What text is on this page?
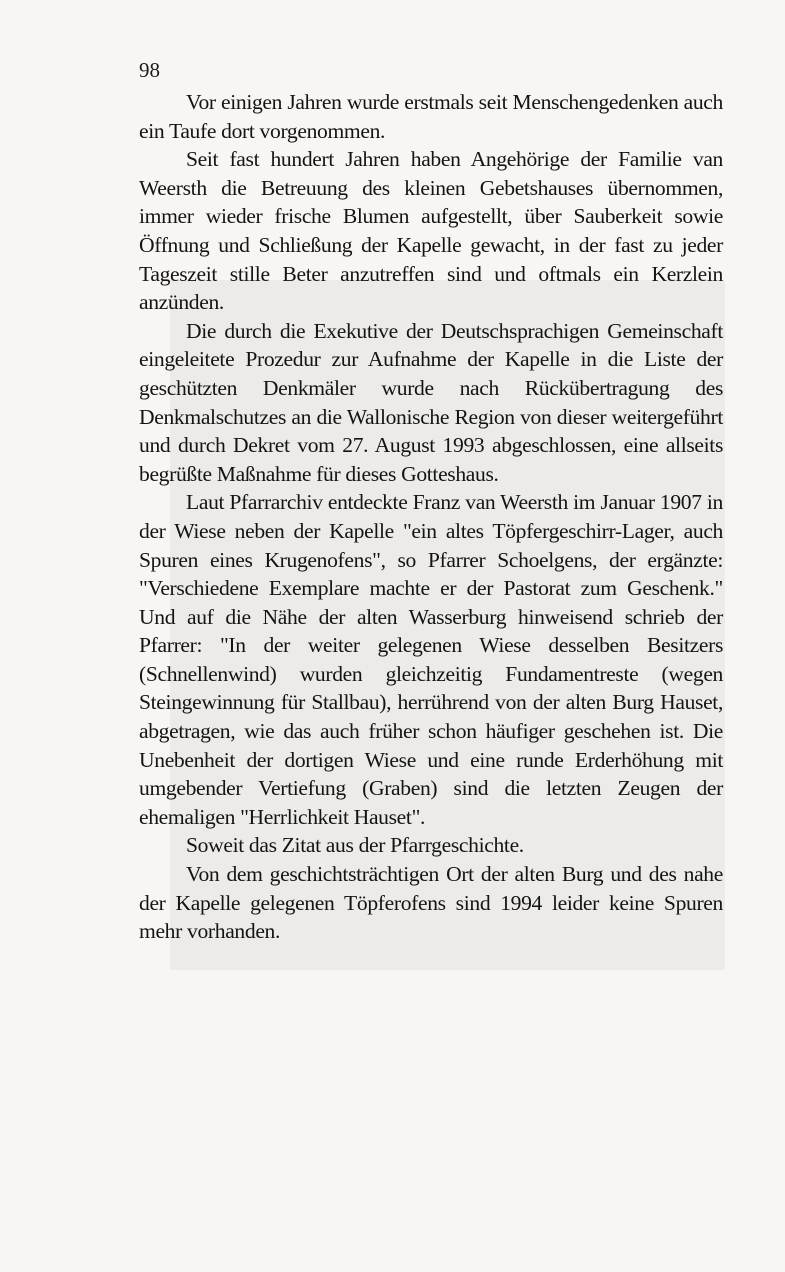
98

Vor einigen Jahren wurde erstmals seit Menschengedenken auch ein Taufe dort vorgenommen.

Seit fast hundert Jahren haben Angehörige der Familie van Weersth die Betreuung des kleinen Gebetshauses übernommen, immer wieder frische Blumen aufgestellt, über Sauberkeit sowie Öffnung und Schließung der Kapelle gewacht, in der fast zu jeder Tageszeit stille Beter anzutreffen sind und oftmals ein Kerzlein anzünden.

Die durch die Exekutive der Deutschsprachigen Gemeinschaft eingeleitete Prozedur zur Aufnahme der Kapelle in die Liste der geschützten Denkmäler wurde nach Rückübertragung des Denkmalschutzes an die Wallonische Region von dieser weitergeführt und durch Dekret vom 27. August 1993 abgeschlossen, eine allseits begrüßte Maßnahme für dieses Gotteshaus.

Laut Pfarrarchiv entdeckte Franz van Weersth im Januar 1907 in der Wiese neben der Kapelle "ein altes Töpfergeschirr-Lager, auch Spuren eines Krugenofens", so Pfarrer Schoelgens, der ergänzte: "Verschiedene Exemplare machte er der Pastorat zum Geschenk." Und auf die Nähe der alten Wasserburg hinweisend schrieb der Pfarrer: "In der weiter gelegenen Wiese desselben Besitzers (Schnellenwind) wurden gleichzeitig Fundamentreste (wegen Steingewinnung für Stallbau), herrührend von der alten Burg Hauset, abgetragen, wie das auch früher schon häufiger geschehen ist. Die Unebenheit der dortigen Wiese und eine runde Erderhöhung mit umgebender Vertiefung (Graben) sind die letzten Zeugen der ehemaligen "Herrlichkeit Hauset".

Soweit das Zitat aus der Pfarrgeschichte.

Von dem geschichtsträchtigen Ort der alten Burg und des nahe der Kapelle gelegenen Töpferofens sind 1994 leider keine Spuren mehr vorhanden.
